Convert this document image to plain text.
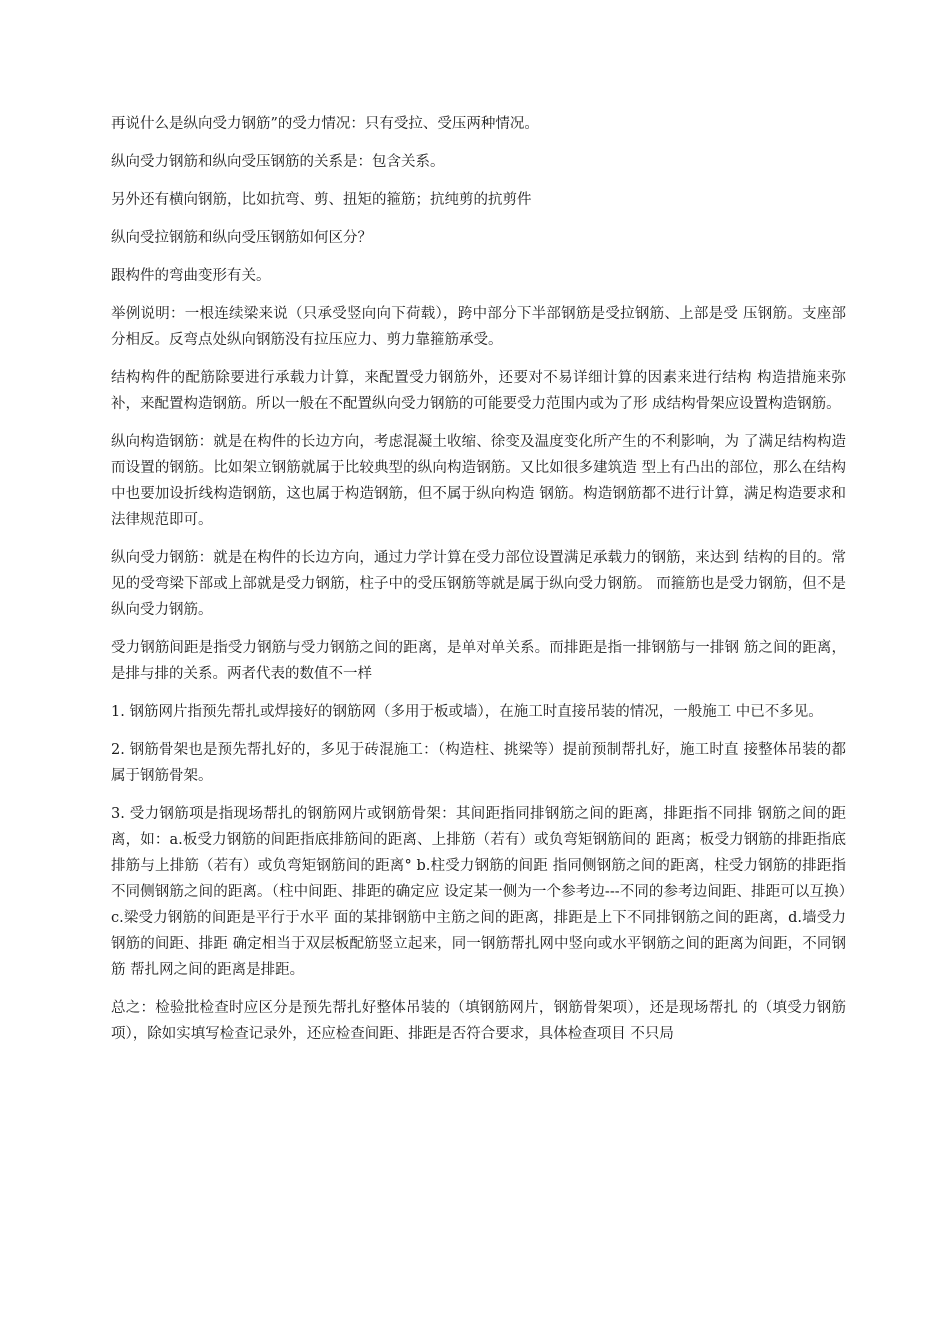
再说什么是纵向受力钢筋”的受力情况：只有受拉、受压两种情况。

纵向受力钢筋和纵向受压钢筋的关系是：包含关系。

另外还有横向钢筋，比如抗弯、剪、扭矩的箍筋；抗纯剪的抗剪件

纵向受拉钢筋和纵向受压钢筋如何区分？

跟构件的弯曲变形有关。

举例说明：一根连续梁来说（只承受竖向向下荷载），跨中部分下半部钢筋是受拉钢筋、上部是受 压钢筋。支座部分相反。反弯点处纵向钢筋没有拉压应力、剪力靠箍筋承受。

结构构件的配筋除要进行承载力计算，来配置受力钢筋外，还要对不易详细计算的因素来进行结构 构造措施来弥补，来配置构造钢筋。所以一般在不配置纵向受力钢筋的可能要受力范围内或为了形 成结构骨架应设置构造钢筋。

纵向构造钢筋：就是在构件的长边方向，考虑混凝土收缩、徐变及温度变化所产生的不利影响，为 了满足结构构造而设置的钢筋。比如架立钢筋就属于比较典型的纵向构造钢筋。又比如很多建筑造 型上有凸出的部位，那么在结构中也要加设折线构造钢筋，这也属于构造钢筋，但不属于纵向构造 钢筋。构造钢筋都不进行计算，满足构造要求和法律规范即可。

纵向受力钢筋：就是在构件的长边方向，通过力学计算在受力部位设置满足承载力的钢筋，来达到 结构的目的。常见的受弯梁下部或上部就是受力钢筋，柱子中的受压钢筋等就是属于纵向受力钢筋。 而箍筋也是受力钢筋，但不是纵向受力钢筋。

受力钢筋间距是指受力钢筋与受力钢筋之间的距离，是单对单关系。而排距是指一排钢筋与一排钢 筋之间的距离，是排与排的关系。两者代表的数值不一样

1. 钢筋网片指预先帮扎或焊接好的钢筋网（多用于板或墙），在施工时直接吊装的情况，一般施工 中已不多见。

2. 钢筋骨架也是预先帮扎好的，多见于砖混施工：（构造柱、挑梁等）提前预制帮扎好，施工时直 接整体吊装的都属于钢筋骨架。

3. 受力钢筋项是指现场帮扎的钢筋网片或钢筋骨架：其间距指同排钢筋之间的距离，排距指不同排 钢筋之间的距离，如：a.板受力钢筋的间距指底排筋间的距离、上排筋（若有）或负弯矩钢筋间的 距离；板受力钢筋的排距指底排筋与上排筋（若有）或负弯矩钢筋间的距离° b.柱受力钢筋的间距 指同侧钢筋之间的距离，柱受力钢筋的排距指不同侧钢筋之间的距离。（柱中间距、排距的确定应 设定某一侧为一个参考边---不同的参考边间距、排距可以互换）c.梁受力钢筋的间距是平行于水平 面的某排钢筋中主筋之间的距离，排距是上下不同排钢筋之间的距离，d.墙受力钢筋的间距、排距 确定相当于双层板配筋竖立起来，同一钢筋帮扎网中竖向或水平钢筋之间的距离为间距，不同钢筋 帮扎网之间的距离是排距。

总之：检验批检查时应区分是预先帮扎好整体吊装的（填钢筋网片，钢筋骨架项），还是现场帮扎 的（填受力钢筋项），除如实填写检查记录外，还应检查间距、排距是否符合要求，具体检查项目 不只局
